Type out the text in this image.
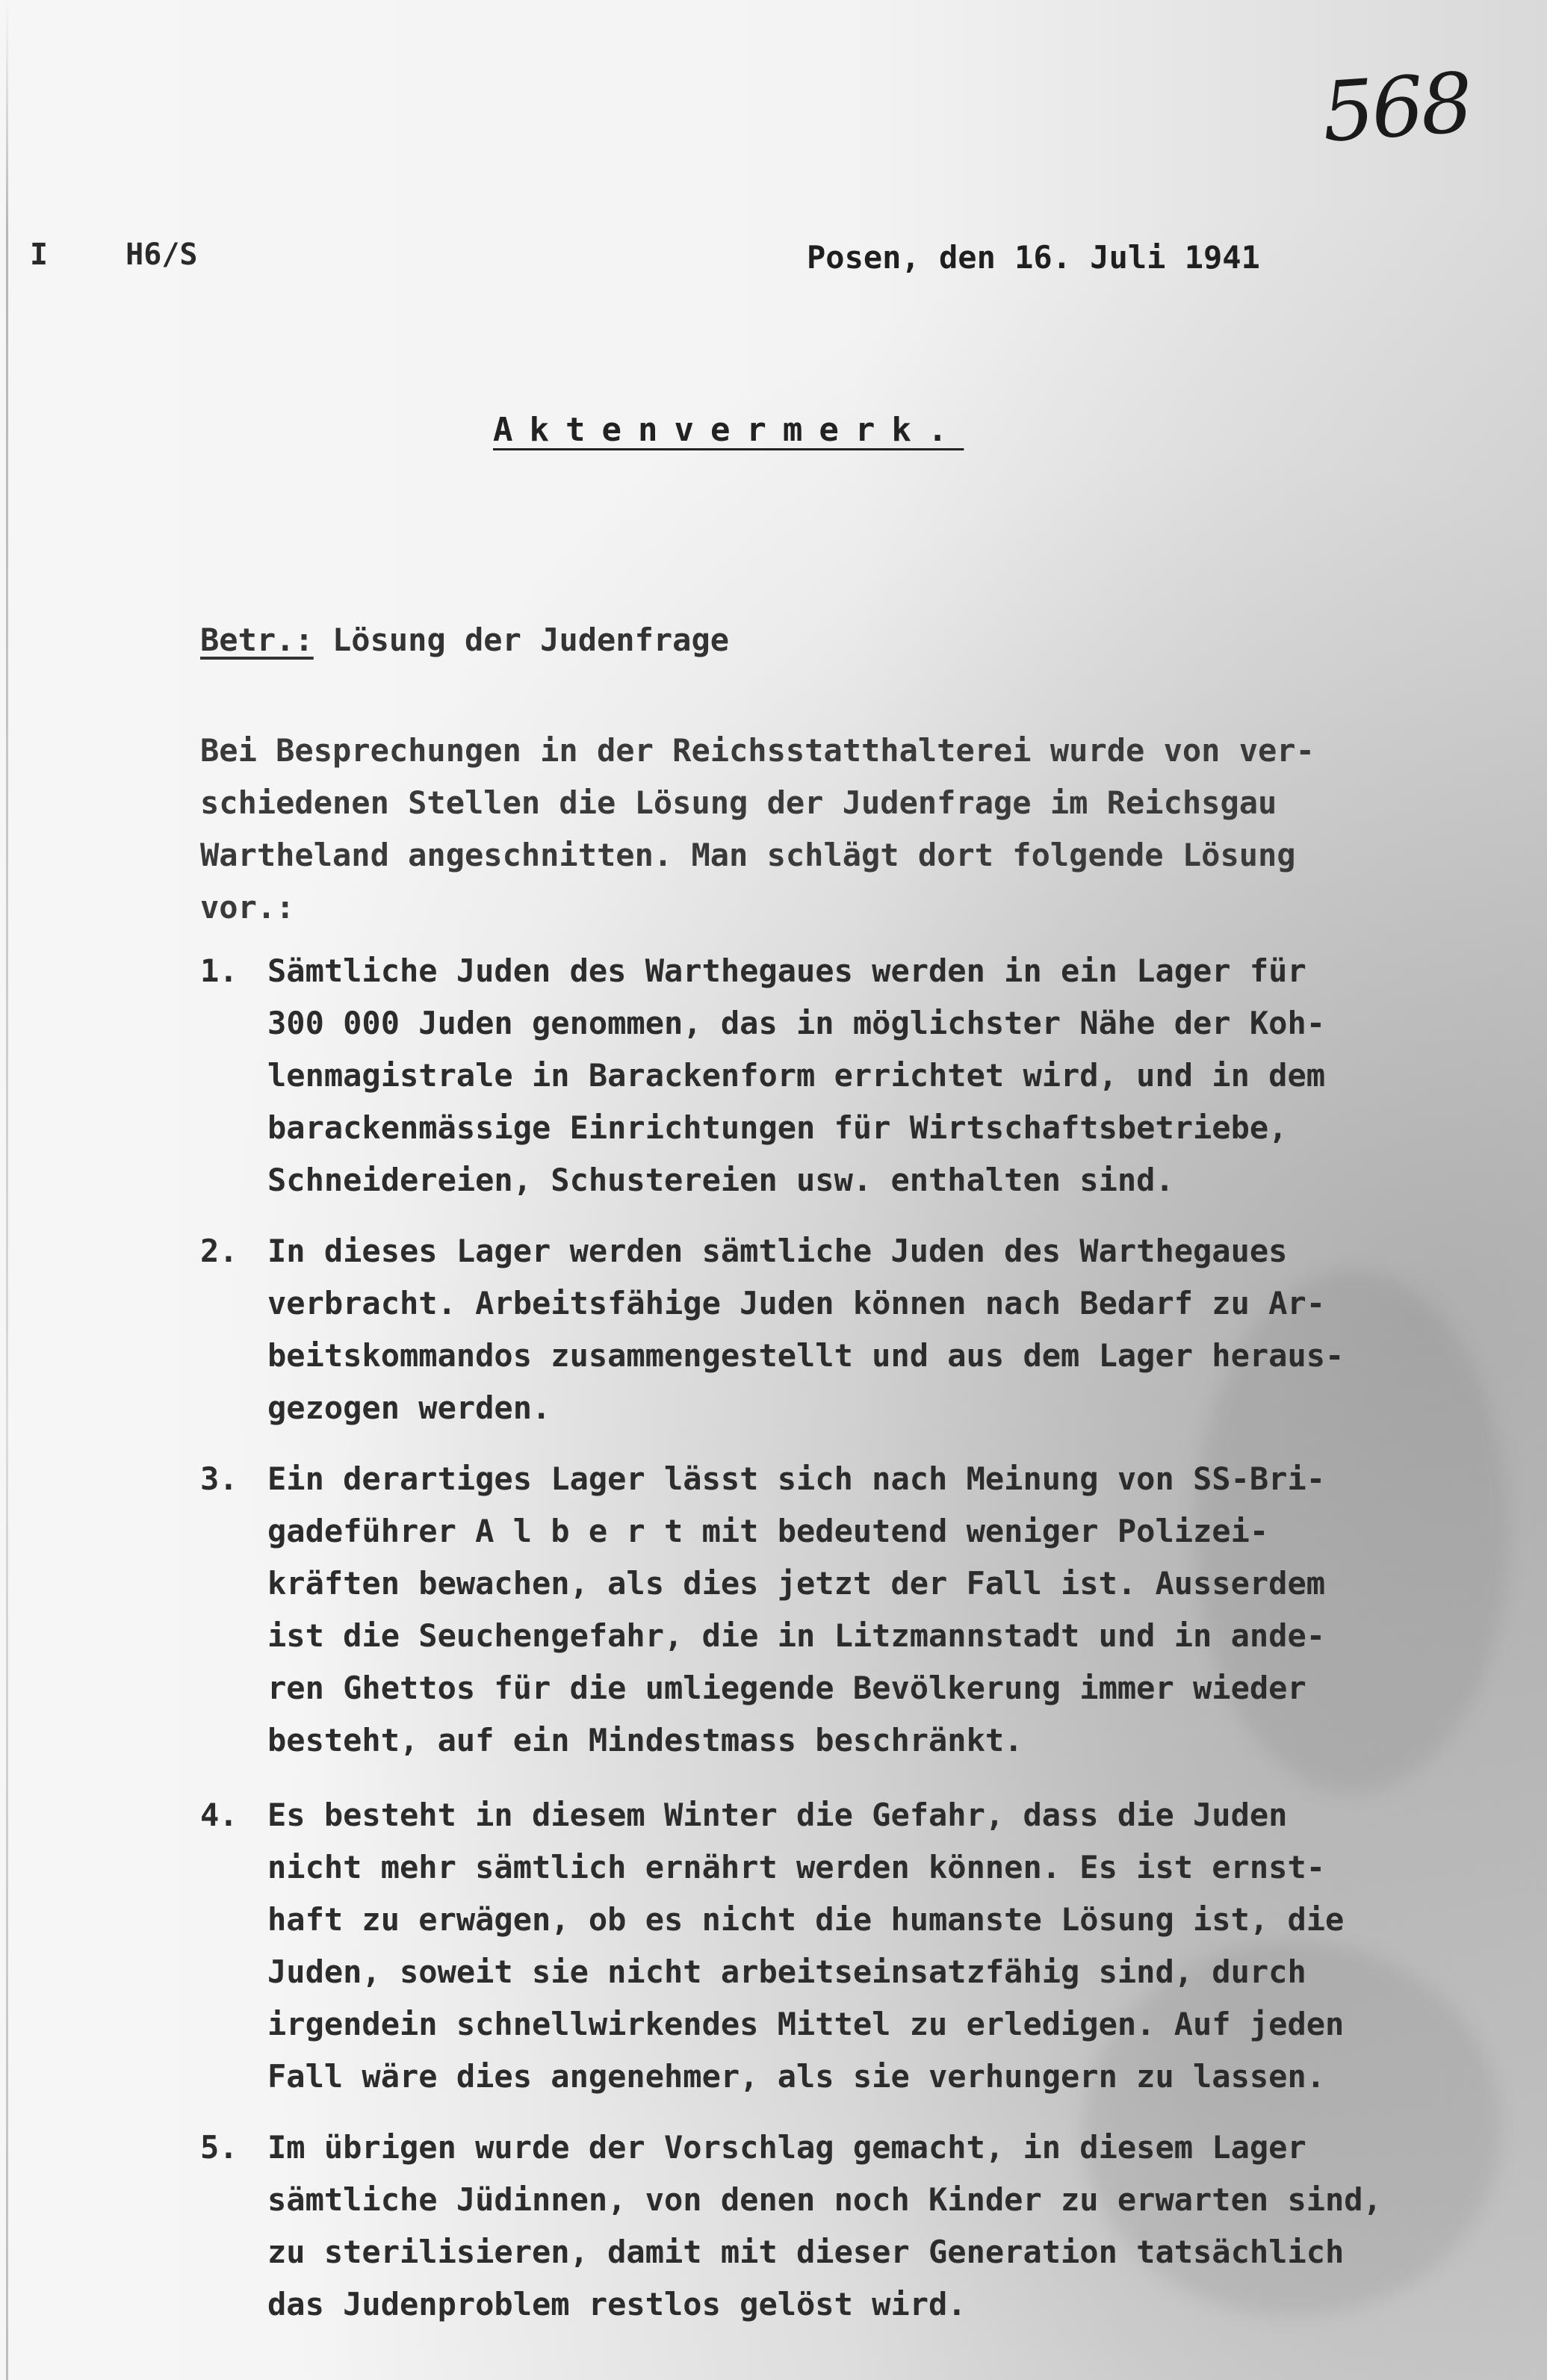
568
I H6/S	Posen, den 16. Juli 1941
Aktenvermerk.
Betr.: Lösung der Judenfrage

Bei Besprechungen in der Reichsstatthalterei wurde von ver-
schiedenen Stellen die Lösung der Judenfrage im Reichsgau
Wartheland angeschnitten. Man schlägt dort folgende Lösung
vor.:

1. Sämtliche Juden des Warthegaues werden in ein Lager für
300 000 Juden genommen, das in möglichster Nähe der Koh-
lenmagistrale in Barackenform errichtet wird, und in dem
barackenmässige Einrichtungen für Wirtschaftsbetriebe,
Schneidereien, Schustereien usw. enthalten sind.

2. In dieses Lager werden sämtliche Juden des Warthegaues
verbracht. Arbeitsfähige Juden können nach Bedarf zu Ar-
beitskommandos zusammengestellt und aus dem Lager heraus-
gezogen werden.

3. Ein derartiges Lager lässt sich nach Meinung von SS-Bri-
gadeführer A l b e r t mit bedeutend weniger Polizei-
kräften bewachen, als dies jetzt der Fall ist. Ausserdem
ist die Seuchengefahr, die in Litzmannstadt und in ande-
ren Ghettos für die umliegende Bevölkerung immer wieder
besteht, auf ein Mindestmass beschränkt.

4. Es besteht in diesem Winter die Gefahr, dass die Juden
nicht mehr sämtlich ernährt werden können. Es ist ernst-
haft zu erwägen, ob es nicht die humanste Lösung ist, die
Juden, soweit sie nicht arbeitseinsatzfähig sind, durch
irgendein schnellwirkendes Mittel zu erledigen. Auf jeden
Fall wäre dies angenehmer, als sie verhungern zu lassen.

5. Im übrigen wurde der Vorschlag gemacht, in diesem Lager
sämtliche Jüdinnen, von denen noch Kinder zu erwarten sind,
zu sterilisieren, damit mit dieser Generation tatsächlich
das Judenproblem restlos gelöst wird.
